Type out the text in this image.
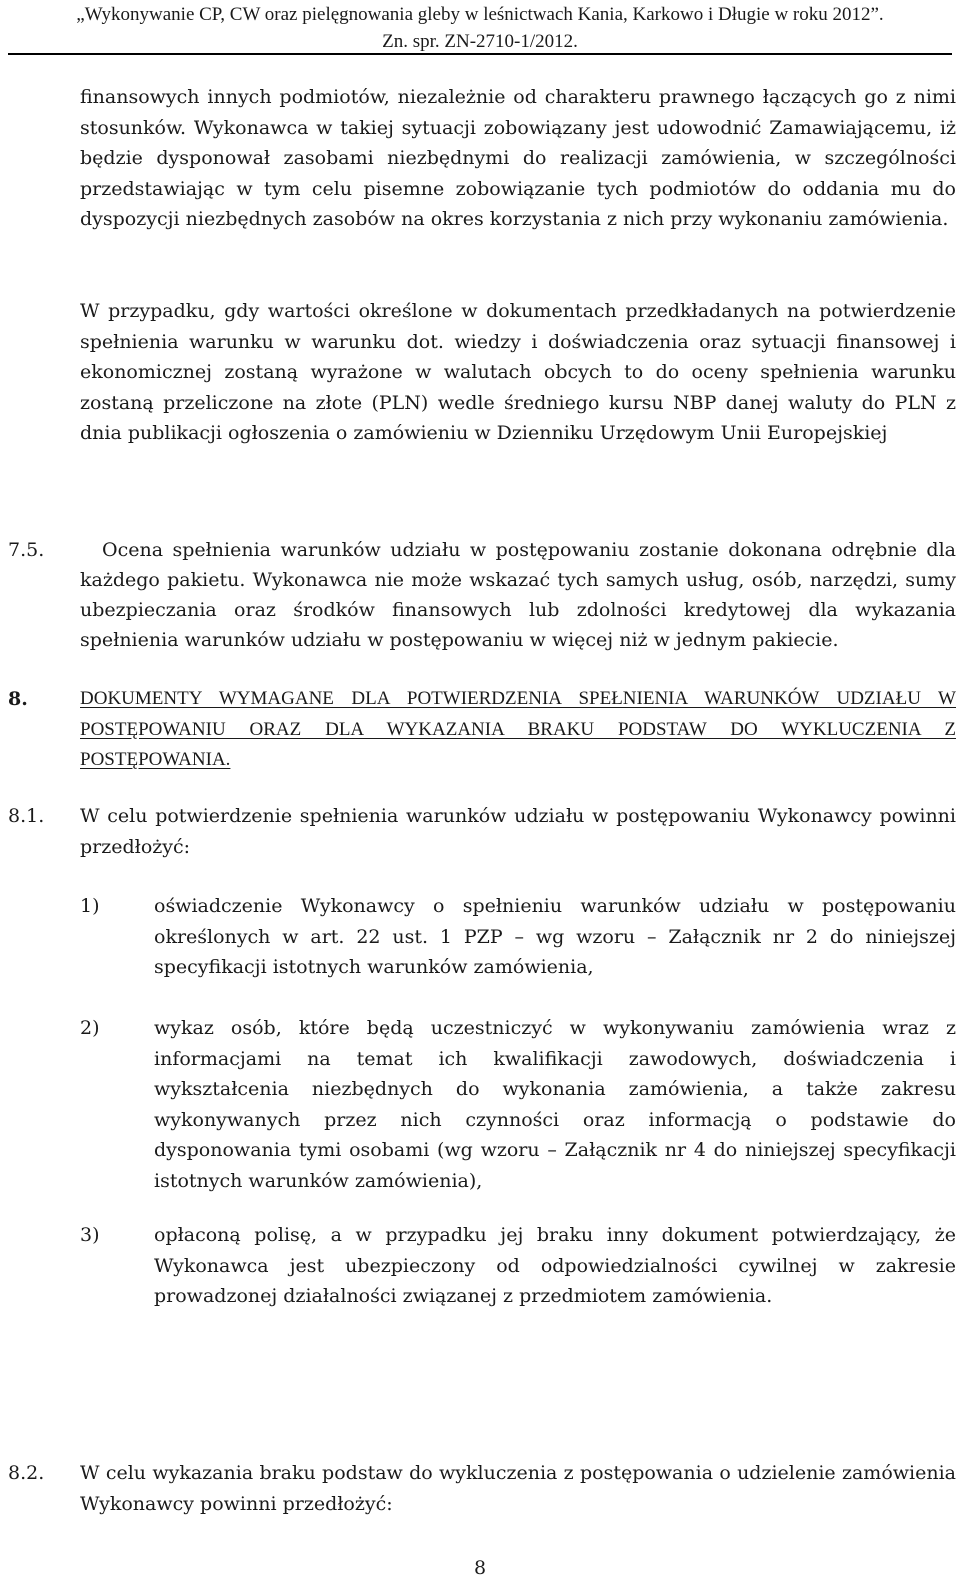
„Wykonywanie CP, CW oraz pielęgnowania gleby w leśnictwach Kania, Karkowo i Długie w roku 2012”.
Zn. spr. ZN-2710-1/2012.
finansowych innych podmiotów, niezależnie od charakteru prawnego łączących go z nimi stosunków. Wykonawca w takiej sytuacji zobowiązany jest udowodnić Zamawiającemu, iż będzie dysponował zasobami niezbędnymi do realizacji zamówienia, w szczególności przedstawiając w tym celu pisemne zobowiązanie tych podmiotów do oddania mu do dyspozycji niezbędnych zasobów na okres korzystania z nich przy wykonaniu zamówienia.
W przypadku, gdy wartości określone w dokumentach przedkładanych na potwierdzenie spełnienia warunku w warunku dot. wiedzy i doświadczenia oraz sytuacji finansowej i ekonomicznej zostaną wyrażone w walutach obcych to do oceny spełnienia warunku zostaną przeliczone na złote (PLN) wedle średniego kursu NBP danej waluty do PLN z dnia publikacji ogłoszenia o zamówieniu w Dzienniku Urzędowym Unii Europejskiej
7.5.	Ocena spełnienia warunków udziału w postępowaniu zostanie dokonana odrębnie dla każdego pakietu. Wykonawca nie może wskazać tych samych usług, osób, narzędzi, sumy ubezpieczania oraz środków finansowych lub zdolności kredytowej dla wykazania spełnienia warunków udziału w postępowaniu w więcej niż w jednym pakiecie.
8.	DOKUMENTY WYMAGANE DLA POTWIERDZENIA SPEŁNIENIA WARUNKÓW UDZIAŁU W POSTĘPOWANIU ORAZ DLA WYKAZANIA BRAKU PODSTAW DO WYKLUCZENIA Z POSTĘPOWANIA.
8.1. W celu potwierdzenie spełnienia warunków udziału w postępowaniu Wykonawcy powinni przedłożyć:
1)	oświadczenie Wykonawcy o spełnieniu warunków udziału w postępowaniu określonych w art. 22 ust. 1 PZP – wg wzoru – Załącznik nr 2 do niniejszej specyfikacji istotnych warunków zamówienia,
2)	wykaz osób, które będą uczestniczyć w wykonywaniu zamówienia wraz z informacjami na temat ich kwalifikacji zawodowych, doświadczenia i wykształcenia niezbędnych do wykonania zamówienia, a także zakresu wykonywanych przez nich czynności oraz informacją o podstawie do dysponowania tymi osobami (wg wzoru – Załącznik nr 4 do niniejszej specyfikacji istotnych warunków zamówienia),
3)	opłaconą polisę, a w przypadku jej braku inny dokument potwierdzający, że Wykonawca jest ubezpieczony od odpowiedzialności cywilnej w zakresie prowadzonej działalności związanej z przedmiotem zamówienia.
8.2. W celu wykazania braku podstaw do wykluczenia z postępowania o udzielenie zamówienia Wykonawcy powinni przedłożyć:
8
